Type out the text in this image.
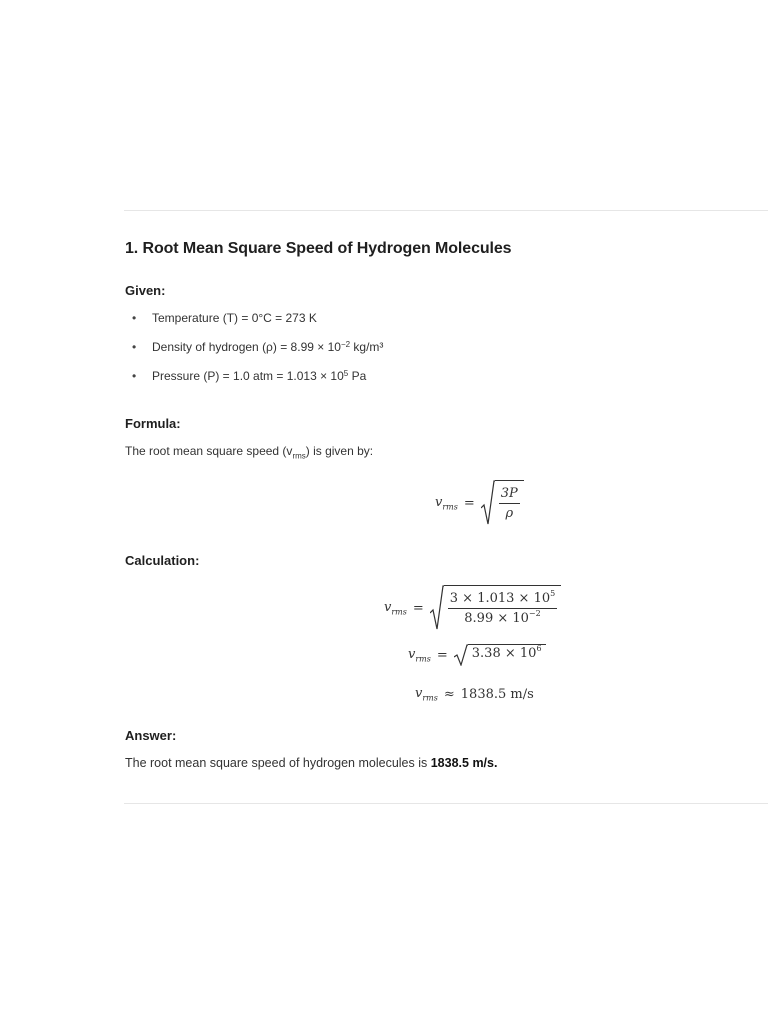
1. Root Mean Square Speed of Hydrogen Molecules
Given:
• Temperature (T) = 0°C = 273 K
• Density of hydrogen $(\rho) = 8.99 \times 10^{-2}$ kg/m³
• Pressure (P) = 1.0 atm = $1.013 \times 10^5$ Pa
Formula:
The root mean square speed $(v_{rms})$ is given by:
$v_{rms} = \frac{3P}{\rho}$
Calculation:
$v_{rms} = \frac{3 \times 1.013 \times 10^5}{8.99 \times 10^{-2}}$
$v_{rms}$ =	$3.38 \times 10^6$
$v_{rms} \approx 1838.5$ m/s
Answer:
The root mean square speed of hydrogen molecules is 1838.5 m/s.
